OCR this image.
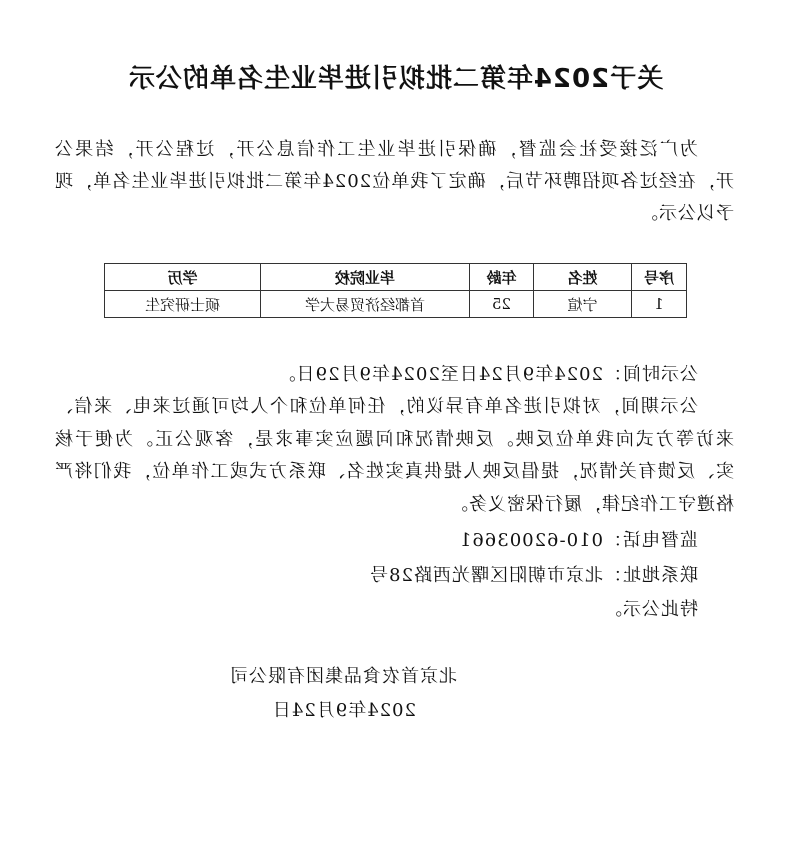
关于2024年第二批拟引进毕业生名单的公示
为广泛接受社会监督，确保引进毕业生工作信息公开，过程公开，结果公开，在经过各项招聘环节后，确定了我单位2024年第二批拟引进毕业生名单，现予以公示。
序号	姓名	年龄	毕业院校	学历
1	宁煊	25	首都经济贸易大学	硕士研究生
公示时间：2024年9月24日至2024年9月29日。
公示期间，对拟引进名单有异议的，任何单位和个人均可通过来电、来信、来访等方式向我单位反映。反映情况和问题应实事求是，客观公正。为便于核实、反馈有关情况，提倡反映人提供真实姓名、联系方式或工作单位，我们将严格遵守工作纪律，履行保密义务。
监督电话：010-62003661
联系地址：北京市朝阳区曙光西路28号
特此公示。
北京首农食品集团有限公司
2024年9月24日
